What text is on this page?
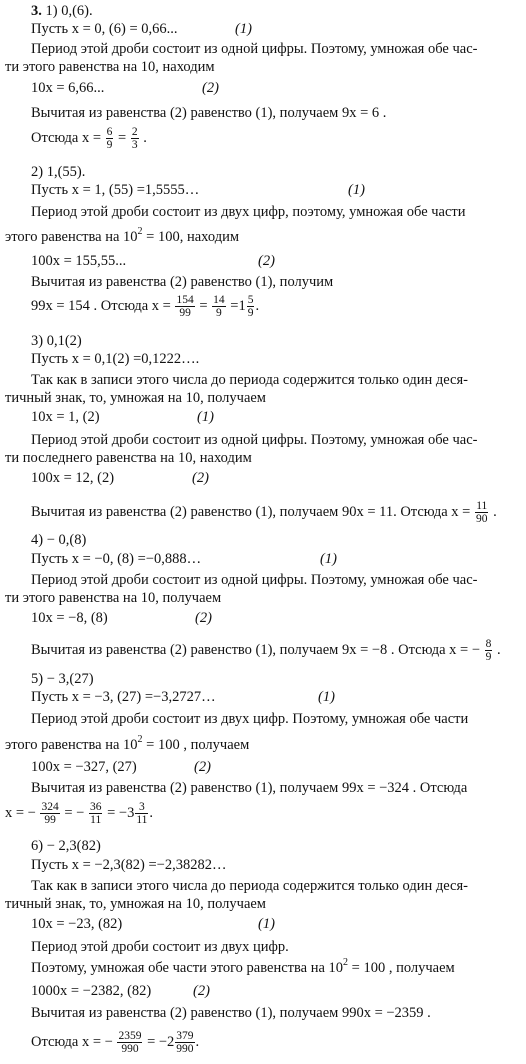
3. 1) 0,(6).
Пусть x = 0, (6) = 0,66...	(1)
Период этой дроби состоит из одной цифры. Поэтому, умножая обе час-
ти этого равенства на 10, находим
10x = 6,66...	(2)
Вычитая из равенства (2) равенство (1), получаем 9x = 6 .
Отсюда $x = \frac{6}{9} = \frac{2}{3}$ .
2) 1,(55).
Пусть x = 1, (55) =1,5555…	(1)
Период этой дроби состоит из двух цифр, поэтому, умножая обе части
этого равенства на $10^2 = 100$, находим
100x = 155,55...	(2)
Вычитая из равенства (2) равенство (1), получим
99x = 154 . Отсюда $x = \frac{154}{99} = \frac{14}{9} =1 \frac{5}{9}$ .
3) 0,1(2)
Пусть x = 0,1(2) =0,1222….
Так как в записи этого числа до периода содержится только один деся-
тичный знак, то, умножая на 10, получаем
10x = 1, (2)	(1)
Период этой дроби состоит из одной цифры. Поэтому, умножая обе час-
ти последнего равенства на 10, находим
100x = 12, (2)	(2)
Вычитая из равенства (2) равенство (1), получаем 90x = 11. Отсюда $x = \frac{11}{90}$ .
4) − 0,(8)
Пусть x = −0, (8) =−0,888…	(1)
Период этой дроби состоит из одной цифры. Поэтому, умножая обе час-
ти этого равенства на 10, получаем
10x = −8, (8)	(2)
Вычитая из равенства (2) равенство (1), получаем 9x = −8 . Отсюда x = − $\frac{8}{9}$ .
5) − 3,(27)
Пусть x = −3, (27) =−3,2727…	(1)
Период этой дроби состоит из двух цифр. Поэтому, умножая обе части
этого равенства на $10^2 = 100$ , получаем
100x = −327, (27)	(2)
Вычитая из равенства (2) равенство (1), получаем 99x = −324 . Отсюда
x = − $\frac{324}{99}$ = − $\frac{36}{11} = -3 \frac{3}{11}$ .
6) − 2,3(82)
Пусть x = −2,3(82) =−2,38282…
Так как в записи этого числа до периода содержится только один деся-
тичный знак, то, умножая на 10, получаем
10x = −23, (82)	(1)
Период этой дроби состоит из двух цифр.
Поэтому, умножая обе части этого равенства на $10^2 = 100$ , получаем
1000x = −2382, (82)	(2)
Вычитая из равенства (2) равенство (1), получаем 990x = −2359 .
Отсюда x = − $\frac{2359}{990} = -2 \frac{379}{990}$ .
